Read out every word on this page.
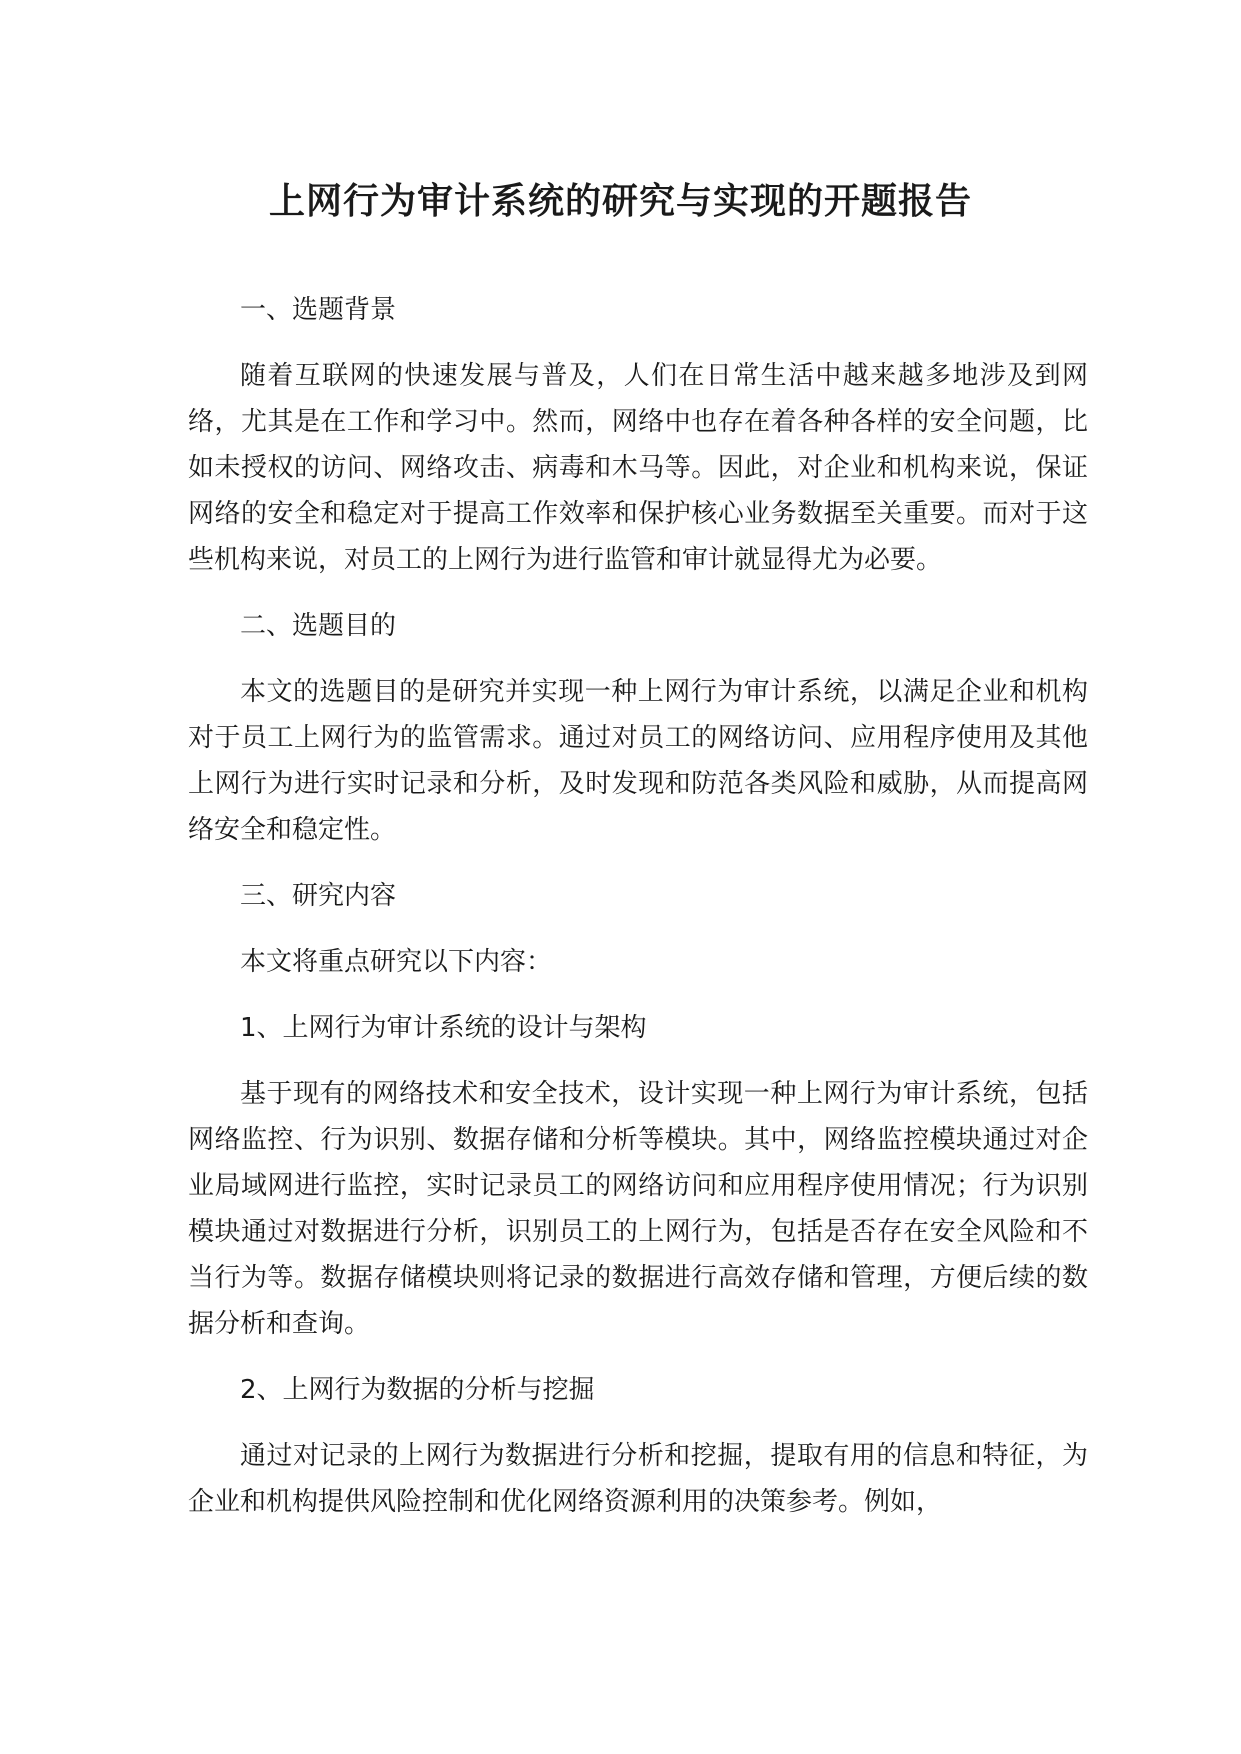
上网行为审计系统的研究与实现的开题报告

一、选题背景

随着互联网的快速发展与普及，人们在日常生活中越来越多地涉及到网络，尤其是在工作和学习中。然而，网络中也存在着各种各样的安全问题，比如未授权的访问、网络攻击、病毒和木马等。因此，对企业和机构来说，保证网络的安全和稳定对于提高工作效率和保护核心业务数据至关重要。而对于这些机构来说，对员工的上网行为进行监管和审计就显得尤为必要。

二、选题目的

本文的选题目的是研究并实现一种上网行为审计系统，以满足企业和机构对于员工上网行为的监管需求。通过对员工的网络访问、应用程序使用及其他上网行为进行实时记录和分析，及时发现和防范各类风险和威胁，从而提高网络安全和稳定性。

三、研究内容

本文将重点研究以下内容：

1、上网行为审计系统的设计与架构

基于现有的网络技术和安全技术，设计实现一种上网行为审计系统，包括网络监控、行为识别、数据存储和分析等模块。其中，网络监控模块通过对企业局域网进行监控，实时记录员工的网络访问和应用程序使用情况；行为识别模块通过对数据进行分析，识别员工的上网行为，包括是否存在安全风险和不当行为等。数据存储模块则将记录的数据进行高效存储和管理，方便后续的数据分析和查询。

2、上网行为数据的分析与挖掘

通过对记录的上网行为数据进行分析和挖掘，提取有用的信息和特征，为企业和机构提供风险控制和优化网络资源利用的决策参考。例如，
